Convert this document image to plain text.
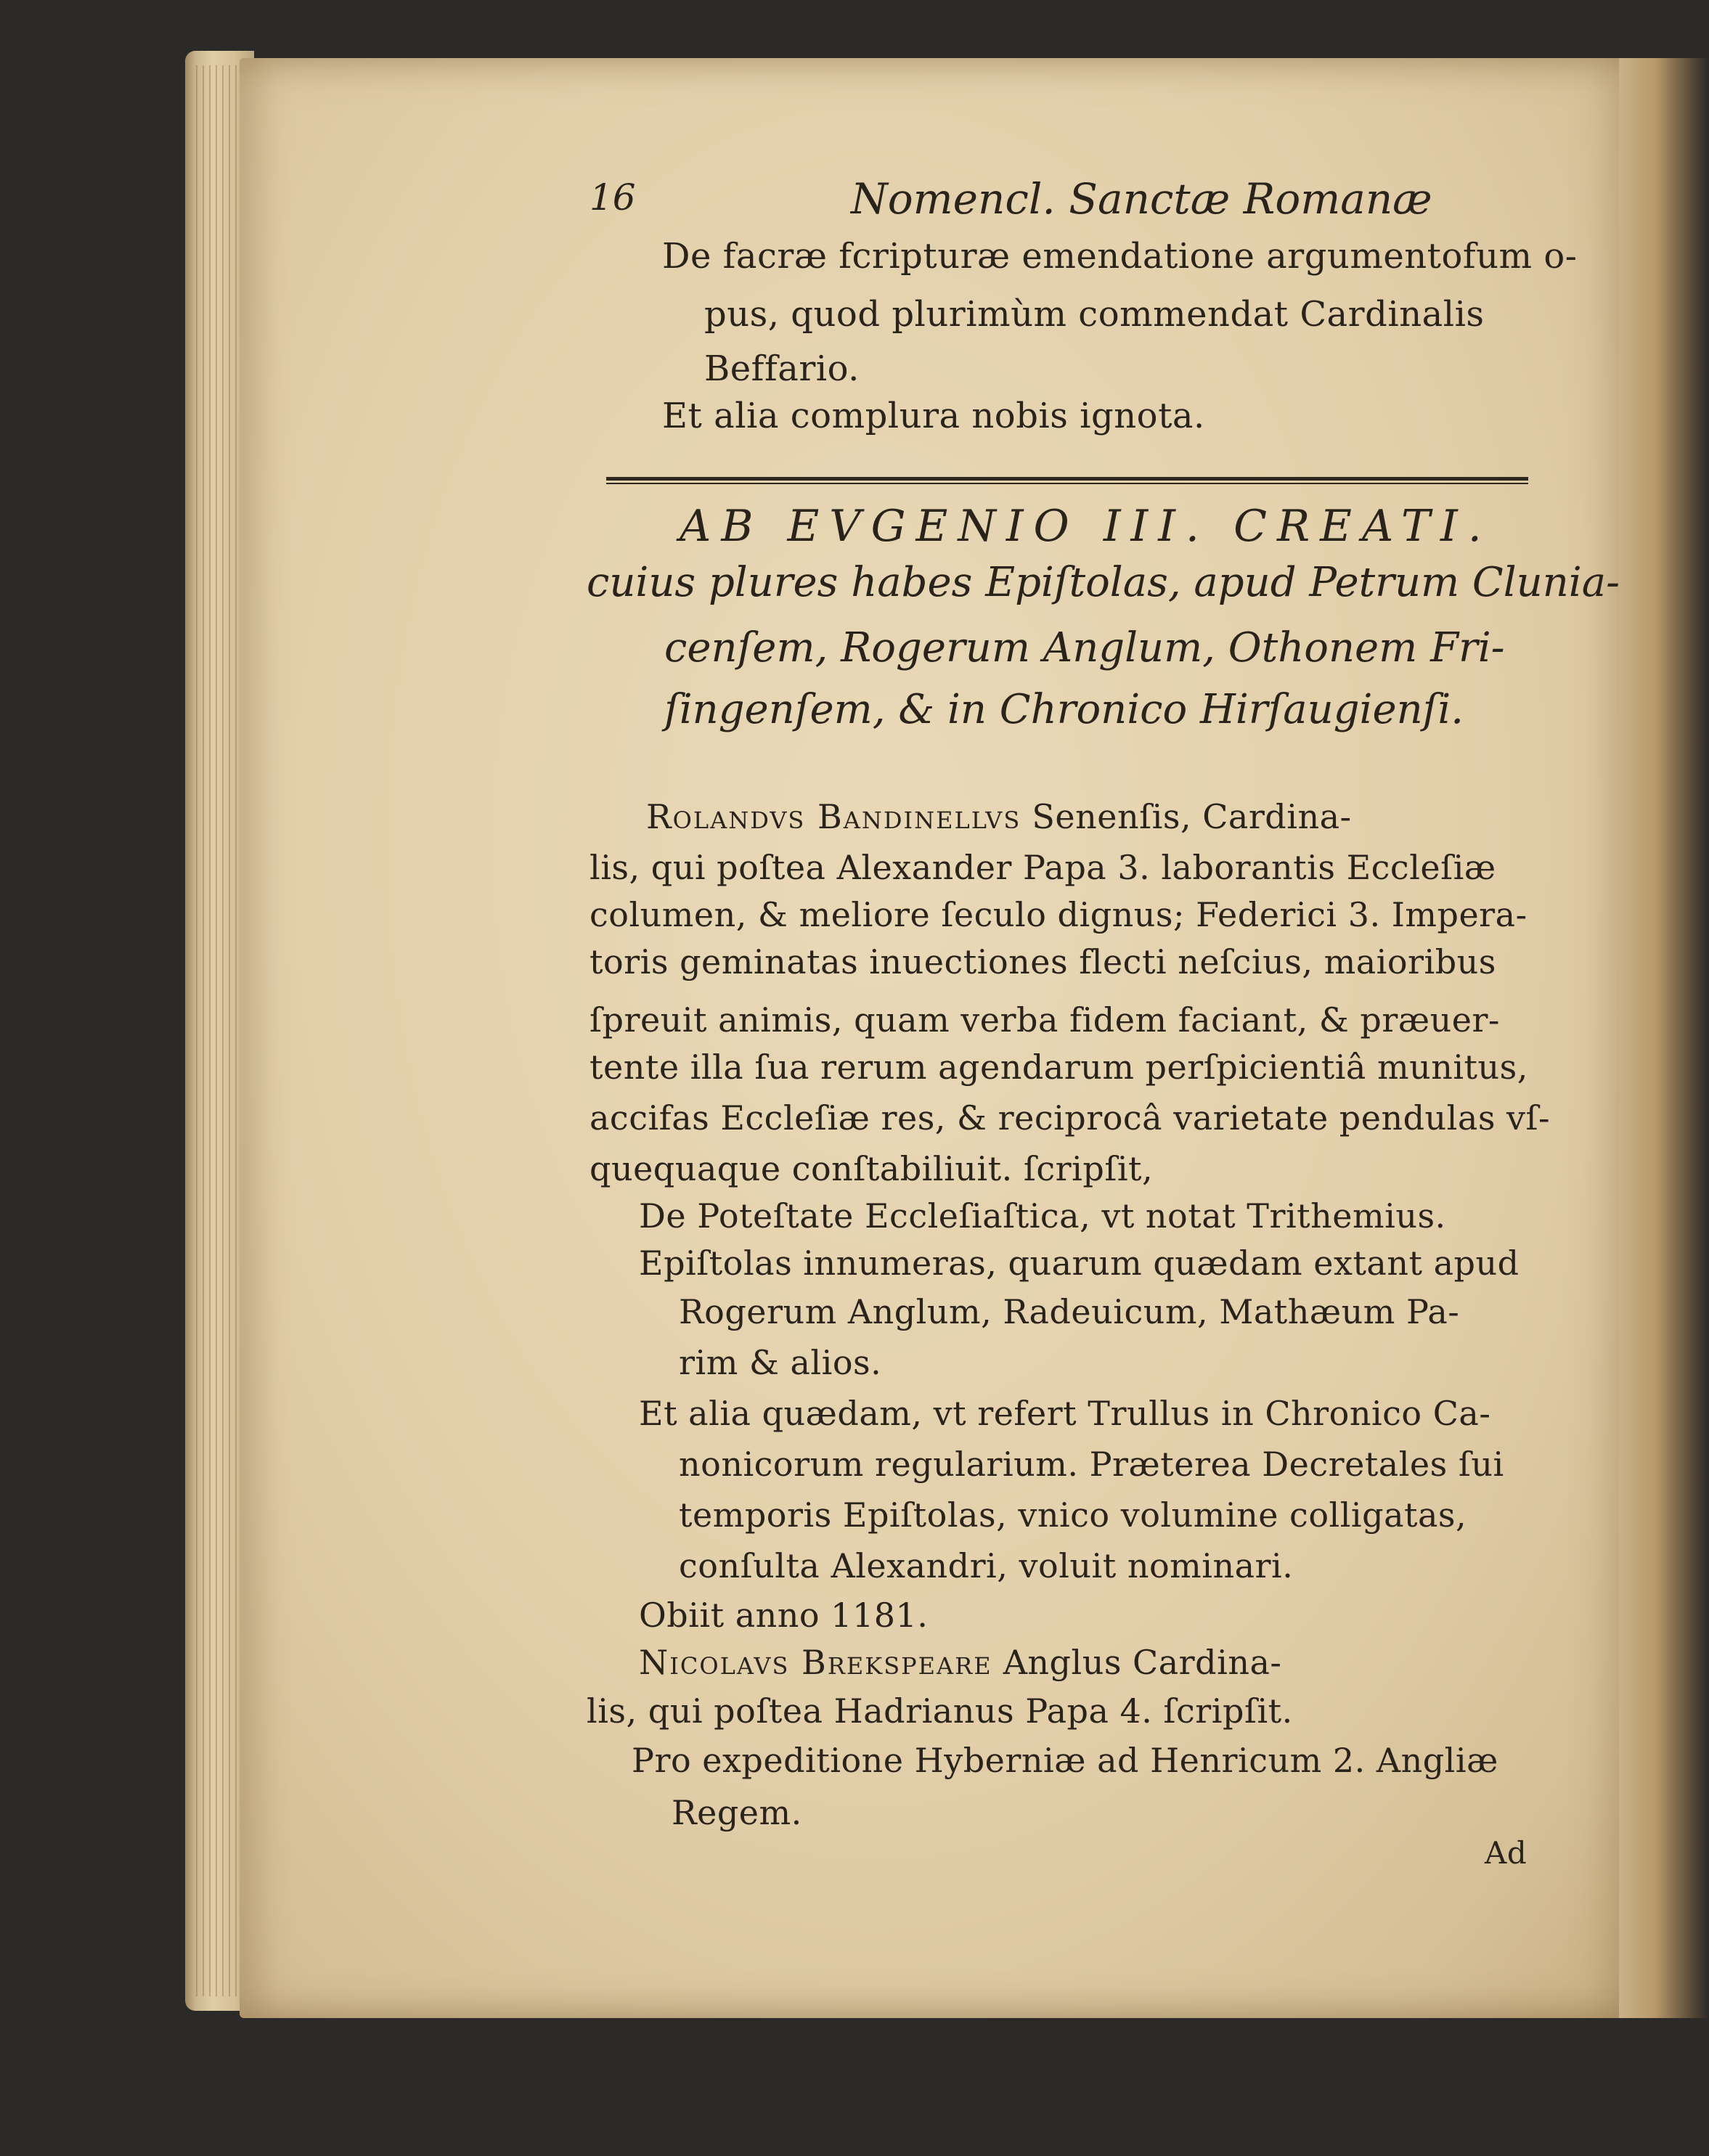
16	Nomencl. Sanctæ Romanæ
De facræ fcripturæ emendatione argumentofum o-
pus, quod plurimùm commendat Cardinalis
Beffario.
Et alia complura nobis ignota.
AB EVGENIO III. CREATI.
cuius plures habes Epiſtolas, apud Petrum Clunia-
cenſem, Rogerum Anglum, Othonem Fri-
ſingenſem, & in Chronico Hirſaugienſi.
Rolandvs Bandinellvs Senenſis, Cardina-
lis, qui poſtea Alexander Papa 3. laborantis Eccleſiæ
columen, & meliore ſeculo dignus; Federici 3. Impera-
toris geminatas inuectiones flecti neſcius, maioribus
ſpreuit animis, quam verba fidem faciant, & præuer-
tente illa ſua rerum agendarum perſpicientiâ munitus,
accifas Eccleſiæ res, & reciprocâ varietate pendulas vſ-
quequaque conſtabiliuit. ſcripſit,
De Poteſtate Eccleſiaſtica, vt notat Trithemius.
Epiſtolas innumeras, quarum quædam extant apud
Rogerum Anglum, Radeuicum, Mathæum Pa-
rim & alios.
Et alia quædam, vt refert Trullus in Chronico Ca-
nonicorum regularium. Præterea Decretales ſui
temporis Epiſtolas, vnico volumine colligatas,
conſulta Alexandri, voluit nominari.
Obiit anno 1181.
Nicolavs Brekspeare Anglus Cardina-
lis, qui poſtea Hadrianus Papa 4. ſcripſit.
Pro expeditione Hyberniæ ad Henricum 2. Angliæ
Regem.
Ad
